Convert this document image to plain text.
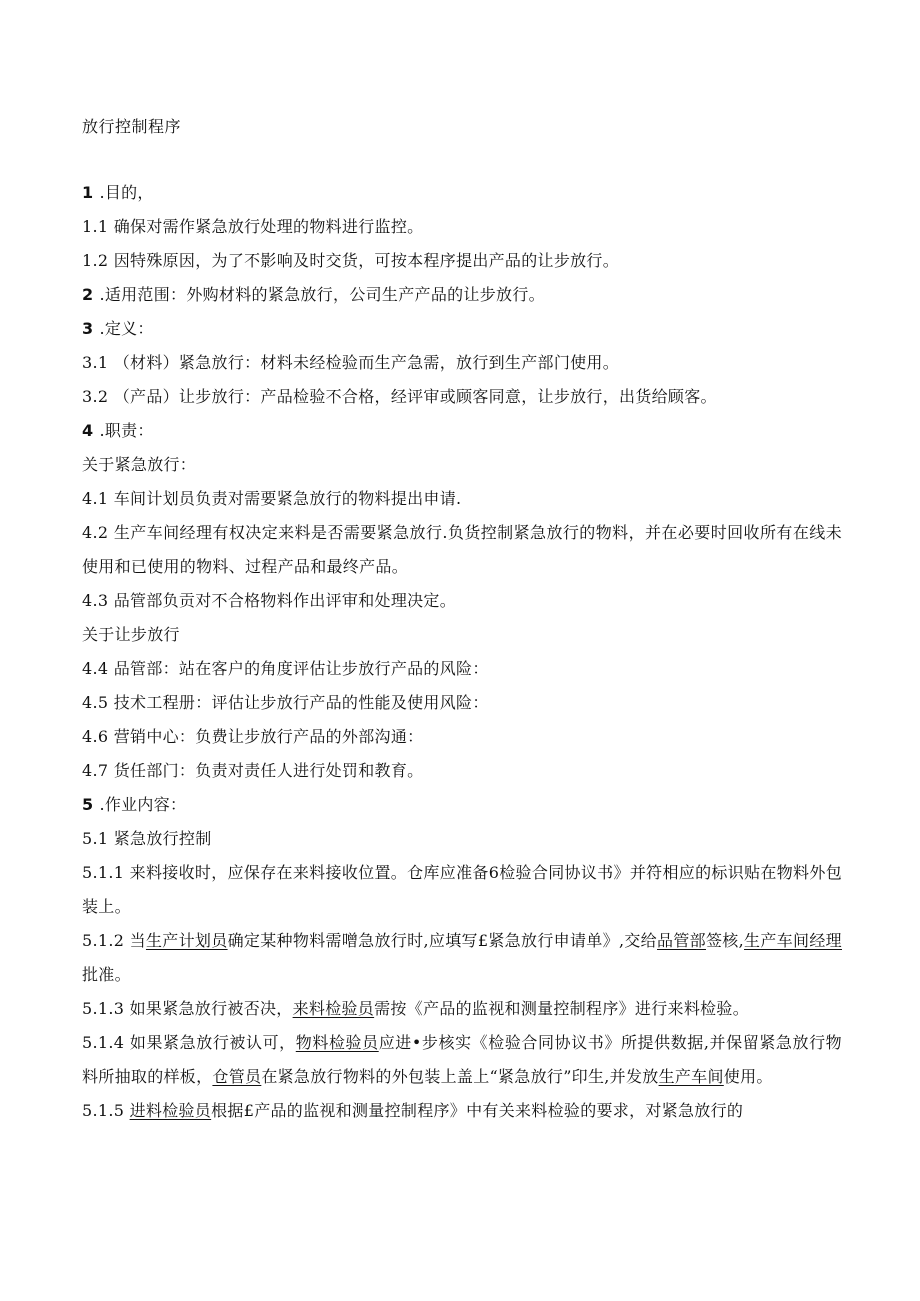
放行控制程序

1 .目的，

1.1 确保对需作紧急放行处理的物料进行监控。

1.2 因特殊原因，为了不影响及时交货，可按本程序提出产品的让步放行。

2 .适用范围：外购材料的紧急放行，公司生产产品的让步放行。

3 .定义：

3.1 （材料）紧急放行：材料未经检验而生产急需，放行到生产部门使用。

3.2 （产品）让步放行：产品检验不合格，经评审或顾客同意，让步放行，出货给顾客。

4 .职责：

关于紧急放行：

4.1 车间计划员负责对需要紧急放行的物料提出申请.

4.2 生产车间经理有权决定来料是否需要紧急放行.负货控制紧急放行的物料，并在必要时回收所有在线未使用和已使用的物料、过程产品和最终产品。

4.3 品管部负贡对不合格物料作出评审和处理决定。

关于让步放行

4.4 品管部：站在客户的角度评估让步放行产品的风险：

4.5 技术工程册：评估让步放行产品的性能及使用风险：

4.6 营销中心：负费让步放行产品的外部沟通：

4.7 货任部门：负责对责任人进行处罚和教育。

5 .作业内容：

5.1 紧急放行控制

5.1.1 来料接收时，应保存在来料接收位置。仓库应准备6检验合同协议书》并符相应的标识贴在物料外包装上。

5.1.2 当生产计划员确定某种物料需噌急放行时,应填写£紧急放行申请单》,交给品管部签核,生产车间经理批准。

5.1.3 如果紧急放行被否决，来料检验员需按《产品的监视和测量控制程序》进行来料检验。

5.1.4 如果紧急放行被认可，物料检验员应进•步核实《检验合同协议书》所提供数据,并保留紧急放行物料所抽取的样板，仓管员在紧急放行物料的外包装上盖上“紧急放行”印生,并发放生产车间使用。

5.1.5 进料检验员根据£产品的监视和测量控制程序》中有关来料检验的要求，对紧急放行的
